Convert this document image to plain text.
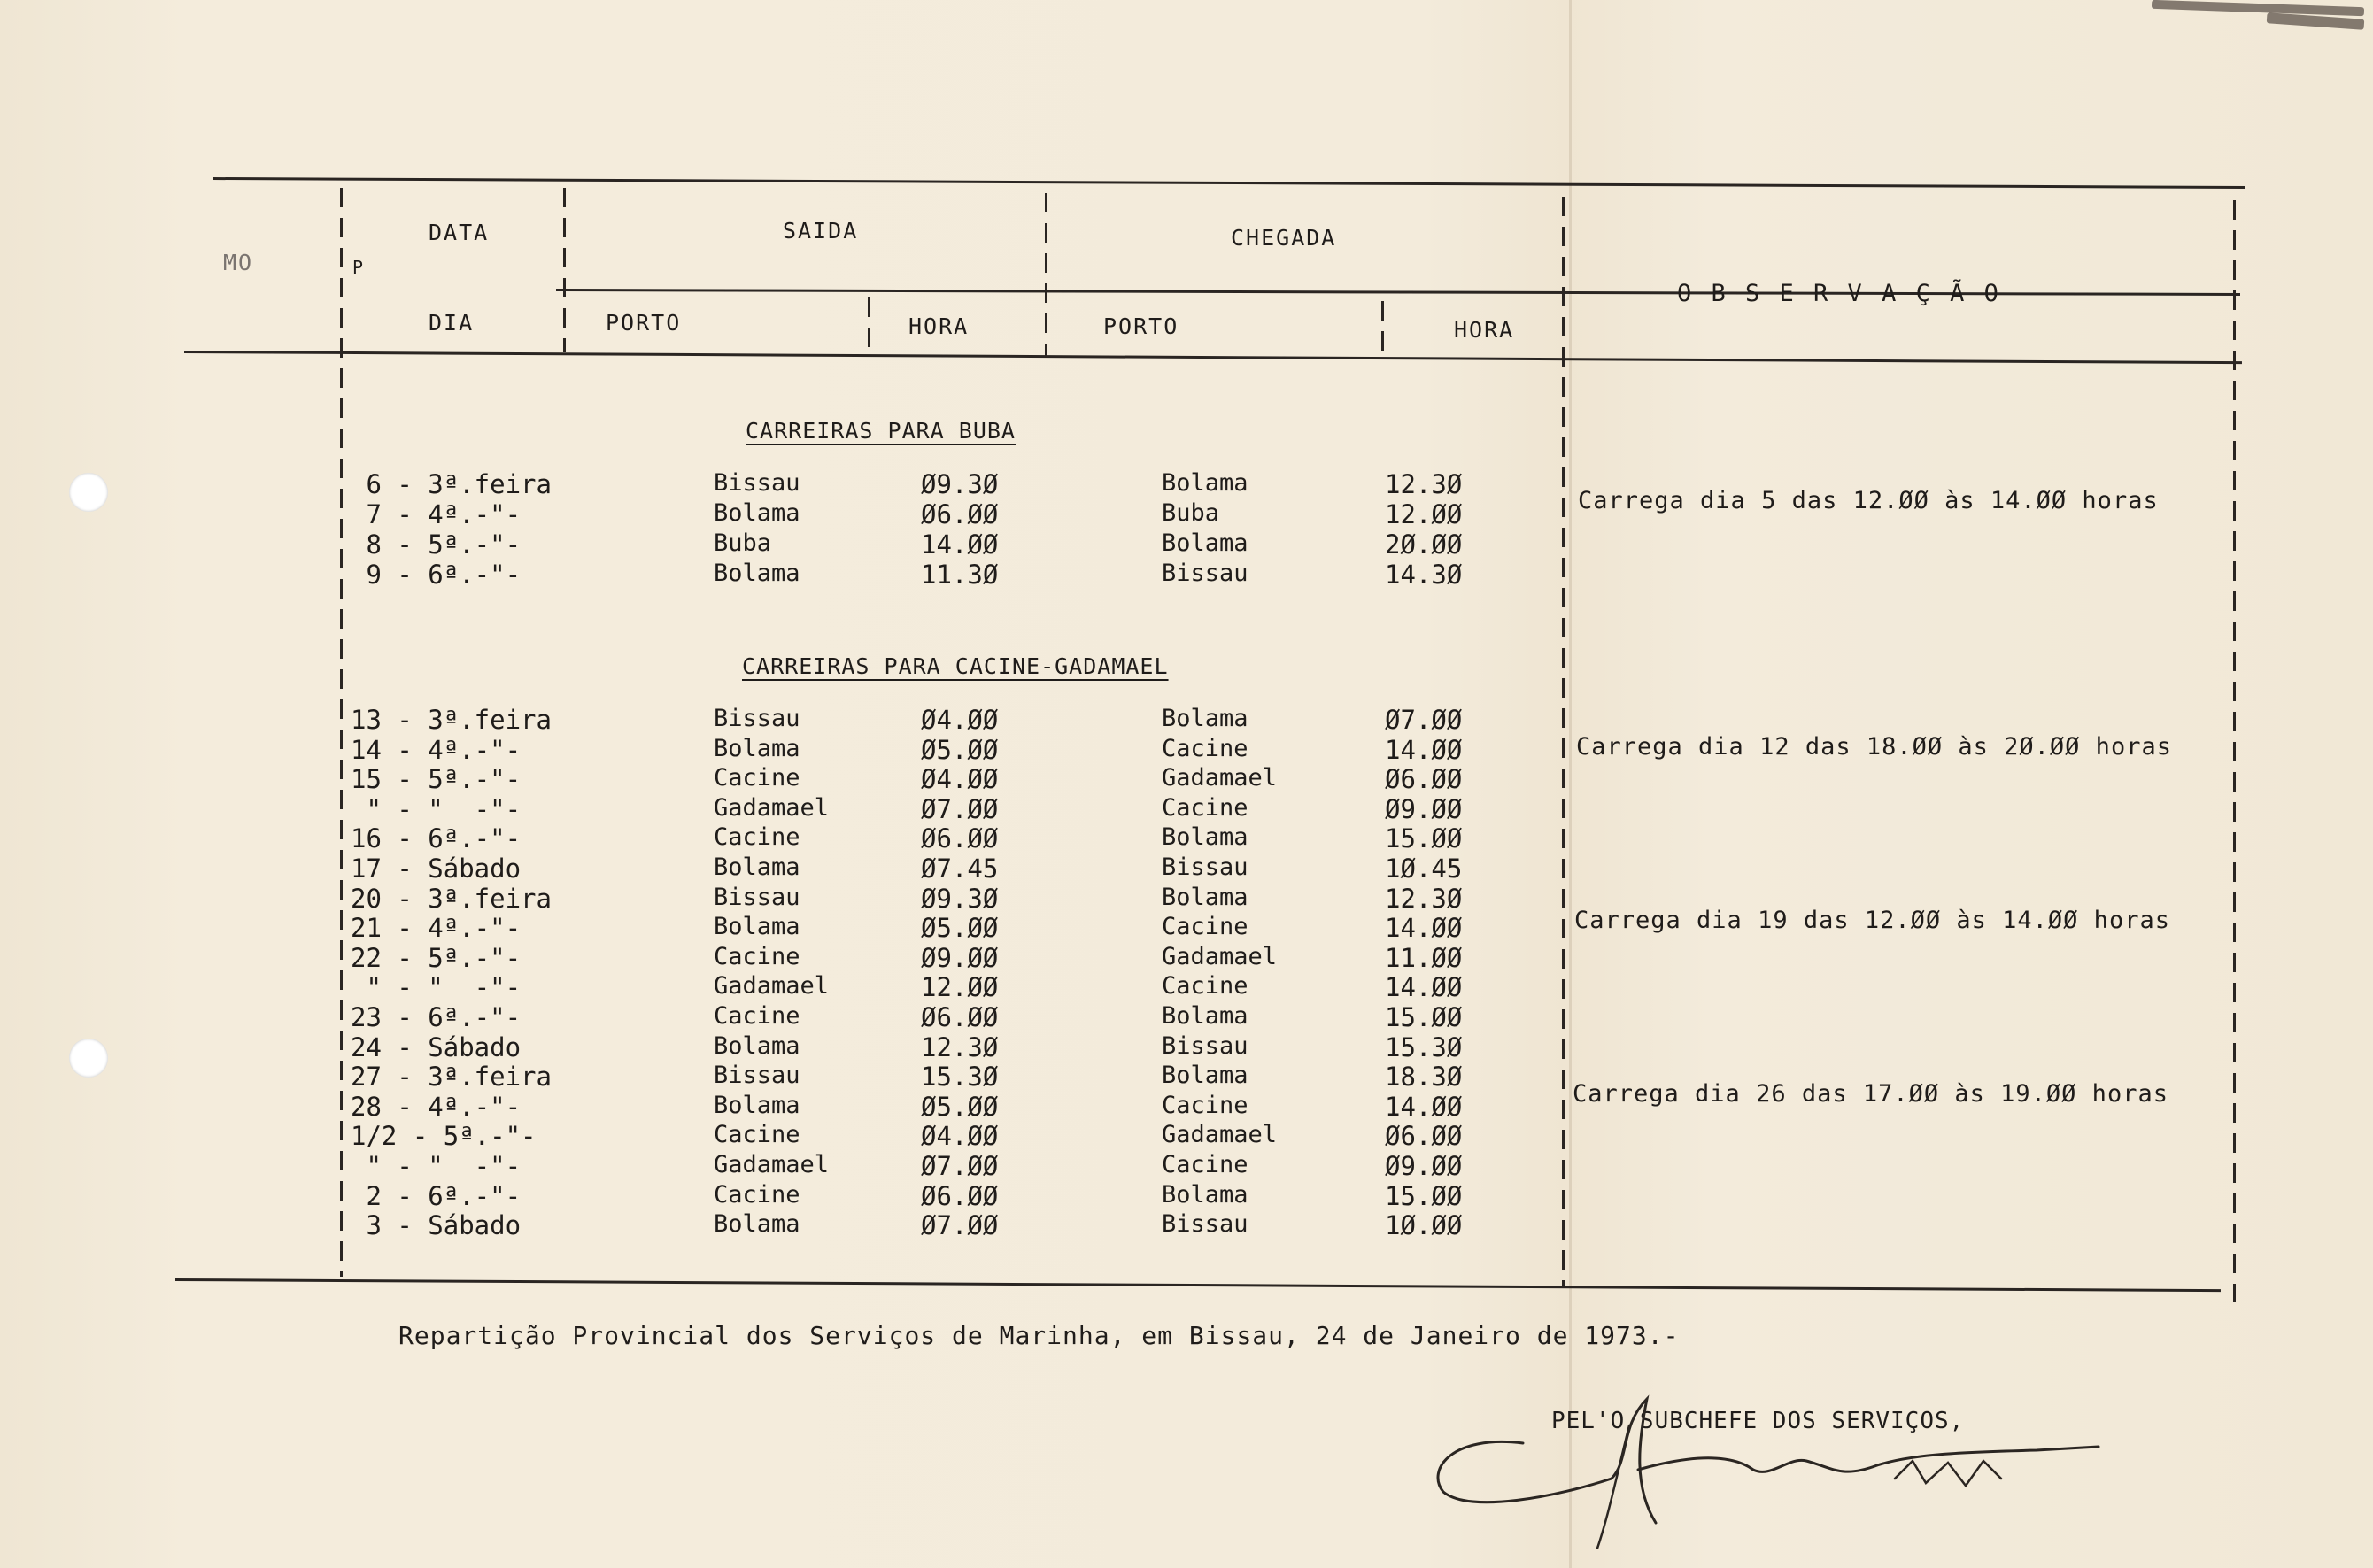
MO
DATA
P
SAIDA	CHEGADA
O B S E R V A Ç Ã O
DIA	PORTO	HORA	PORTO	HORA
CARREIRAS PARA BUBA
6 - 3ª.feira	Bissau	Ø9.3Ø	Bolama	12.3Ø
7 - 4ª.-"-	Bolama	Ø6.ØØ	Buba	12.ØØ
8 - 5ª.-"-	Buba	14.ØØ	Bolama	2Ø.ØØ
9 - 6ª.-"-	Bolama	11.3Ø	Bissau	14.3Ø
CARREIRAS PARA CACINE-GADAMAEL
13 - 3ª.feira	Bissau	Ø4.ØØ	Bolama	Ø7.ØØ
14 - 4ª.-"-	Bolama	Ø5.ØØ	Cacine	14.ØØ
15 - 5ª.-"-	Cacine	Ø4.ØØ	Gadamael	Ø6.ØØ
" - "  -"-	Gadamael	Ø7.ØØ	Cacine	Ø9.ØØ
16 - 6ª.-"-	Cacine	Ø6.ØØ	Bolama	15.ØØ
17 - Sábado	Bolama	Ø7.45	Bissau	1Ø.45
20 - 3ª.feira	Bissau	Ø9.3Ø	Bolama	12.3Ø
21 - 4ª.-"-	Bolama	Ø5.ØØ	Cacine	14.ØØ
22 - 5ª.-"-	Cacine	Ø9.ØØ	Gadamael	11.ØØ
" - "  -"-	Gadamael	12.ØØ	Cacine	14.ØØ
23 - 6ª.-"-	Cacine	Ø6.ØØ	Bolama	15.ØØ
24 - Sábado	Bolama	12.3Ø	Bissau	15.3Ø
27 - 3ª.feira	Bissau	15.3Ø	Bolama	18.3Ø
28 - 4ª.-"-	Bolama	Ø5.ØØ	Cacine	14.ØØ
1/2 - 5ª.-"-	Cacine	Ø4.ØØ	Gadamael	Ø6.ØØ
" - "  -"-	Gadamael	Ø7.ØØ	Cacine	Ø9.ØØ
2 - 6ª.-"-	Cacine	Ø6.ØØ	Bolama	15.ØØ
3 - Sábado	Bolama	Ø7.ØØ	Bissau	1Ø.ØØ
Carrega dia 5 das 12.ØØ às 14.ØØ horas
Carrega dia 12 das 18.ØØ às 2Ø.ØØ horas
Carrega dia 19 das 12.ØØ às 14.ØØ horas
Carrega dia 26 das 17.ØØ às 19.ØØ horas
Repartição Provincial dos Serviços de Marinha, em Bissau, 24 de Janeiro de 1973.-
PEL'O SUBCHEFE DOS SERVIÇOS,
